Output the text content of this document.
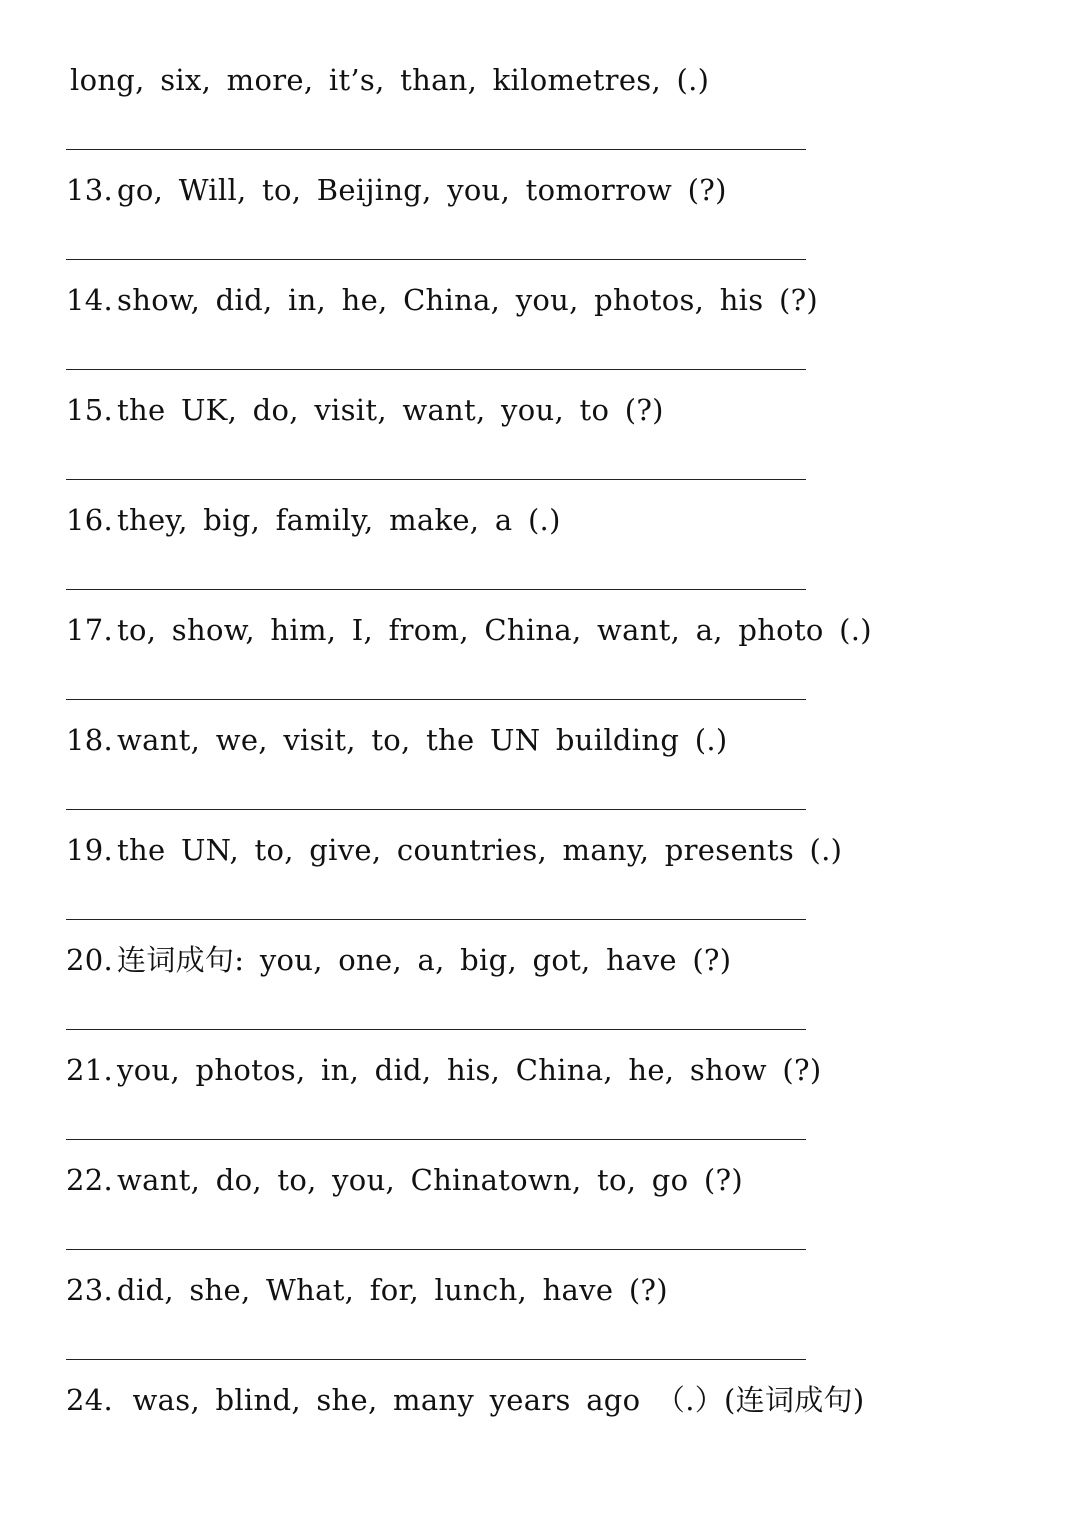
long, six, more, it’s, than, kilometres, (.)
13. go, Will, to, Beijing, you, tomorrow (?)
14. show, did, in, he, China, you, photos, his (?)
15. the UK, do, visit, want, you, to (?)
16. they, big, family, make, a (.)
17. to, show, him, I, from, China, want, a, photo (.)
18. want, we, visit, to, the UN building (.)
19. the UN, to, give, countries, many, presents (.)
20. 连词成句: you, one, a, big, got, have (?)
21. you, photos, in, did, his, China, he, show (?)
22. want, do, to, you, Chinatown, to, go (?)
23. did, she, What, for, lunch, have (?)
24. was, blind, she, many years ago （.）(连词成句)
